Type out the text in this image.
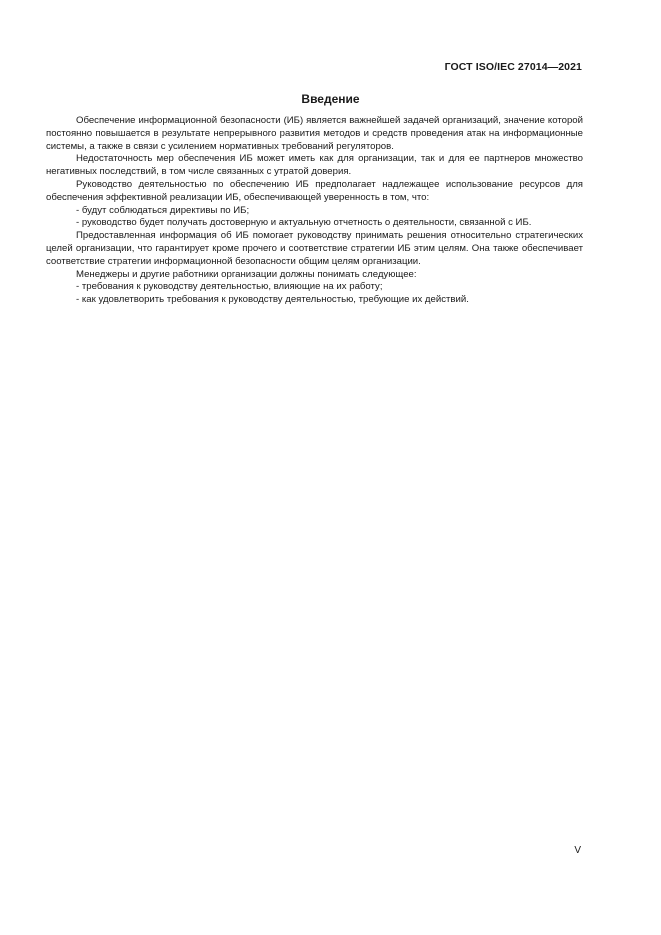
ГОСТ ISO/IEC 27014—2021
Введение

Обеспечение информационной безопасности (ИБ) является важнейшей задачей организаций, значение которой постоянно повышается в результате непрерывного развития методов и средств проведения атак на информационные системы, а также в связи с усилением нормативных требований регуляторов.

Недостаточность мер обеспечения ИБ может иметь как для организации, так и для ее партнеров множество негативных последствий, в том числе связанных с утратой доверия.

Руководство деятельностью по обеспечению ИБ предполагает надлежащее использование ресурсов для обеспечения эффективной реализации ИБ, обеспечивающей уверенность в том, что:

- будут соблюдаться директивы по ИБ;

- руководство будет получать достоверную и актуальную отчетность о деятельности, связанной с ИБ.

Предоставленная информация об ИБ помогает руководству принимать решения относительно стратегических целей организации, что гарантирует кроме прочего и соответствие стратегии ИБ этим целям. Она также обеспечивает соответствие стратегии информационной безопасности общим целям организации.

Менеджеры и другие работники организации должны понимать следующее:

- требования к руководству деятельностью, влияющие на их работу;

- как удовлетворить требования к руководству деятельностью, требующие их действий.

V
